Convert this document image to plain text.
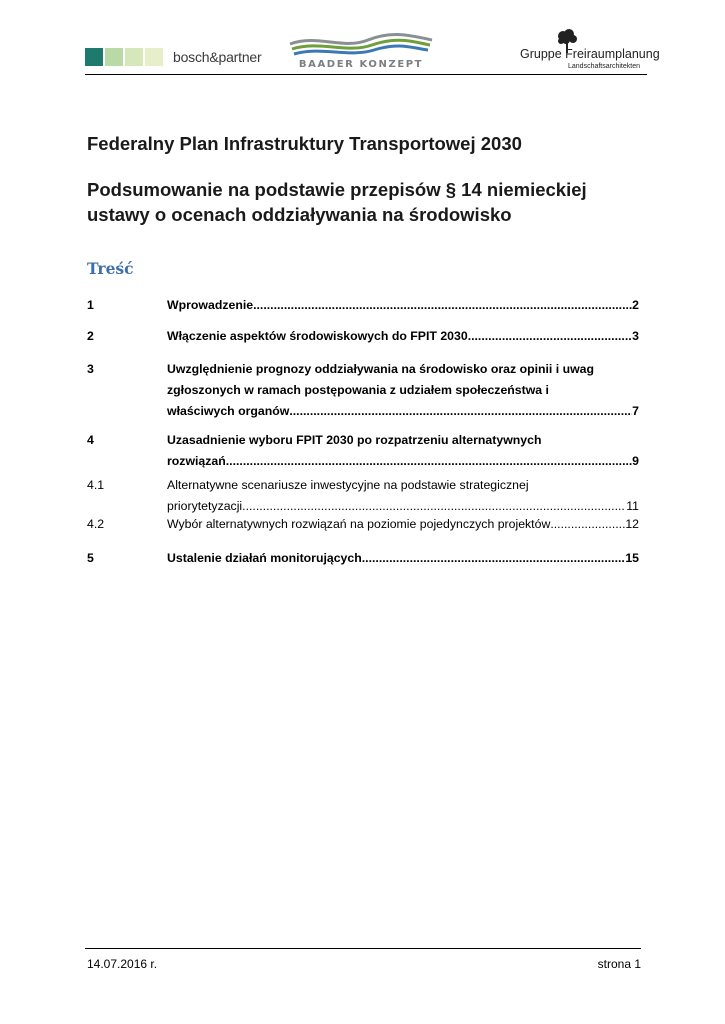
bosch&partner	BAADER KONZEPT
Gruppe Freiraumplanung
Landschaftsarchitekten
Federalny Plan Infrastruktury Transportowej 2030
Podsumowanie na podstawie przepisów § 14 niemieckiej
ustawy o ocenach oddziaływania na środowisko
Treść
1	Wprowadzenie .....	2
2	Włączenie aspektów środowiskowych do FPIT 2030 .....	3
3	Uwzględnienie prognozy oddziaływania na środowisko oraz opinii i uwag
zgłoszonych w ramach postępowania z udziałem społeczeństwa i
właściwych organów .....	7
4	Uzasadnienie wyboru FPIT 2030 po rozpatrzeniu alternatywnych
rozwiązań .....	9
4.1	Alternatywne scenariusze inwestycyjne na podstawie strategicznej
priorytetyzacji .....	11
4.2	Wybór alternatywnych rozwiązań na poziomie pojedynczych projektów .....	12
5	Ustalenie działań monitorujących .....	15
14.07.2016 r.	strona 1
